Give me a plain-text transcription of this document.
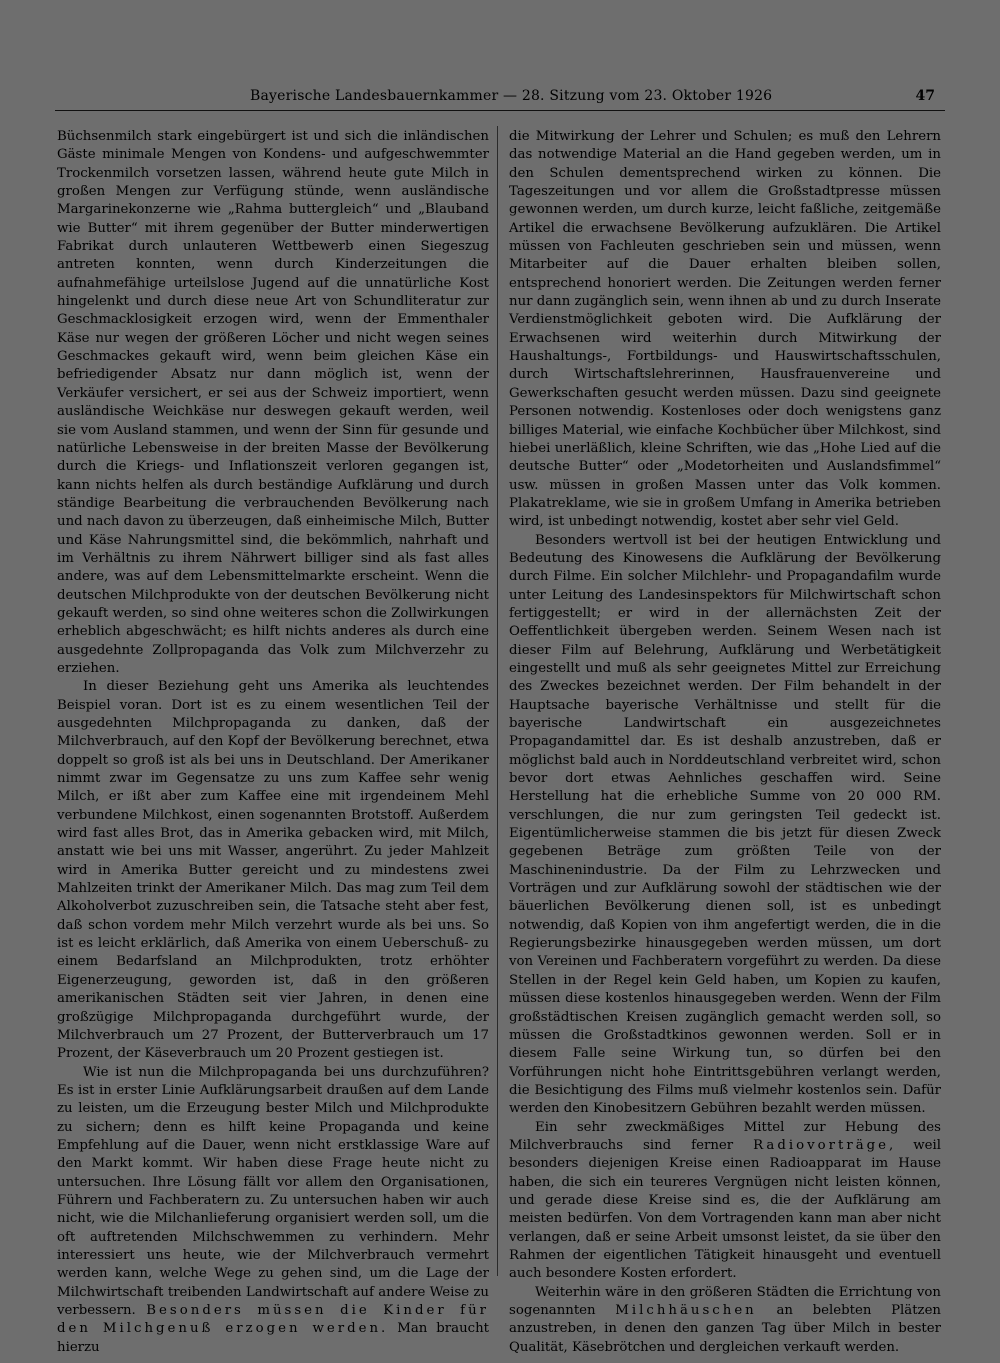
Bayerische Landesbauernkammer — 28. Sitzung vom 23. Oktober 1926	47

Büchsenmilch stark eingebürgert ist und sich die inländischen Gäste minimale Mengen von Kondens- und aufgeschwemmter Trockenmilch vorsetzen lassen, während heute gute Milch in großen Mengen zur Verfügung stünde, wenn ausländische Margarinekonzerne wie „Rahma buttergleich“ und „Blauband wie Butter“ mit ihrem gegenüber der Butter minderwertigen Fabrikat durch unlauteren Wettbewerb einen Siegeszug antreten konnten, wenn durch Kinderzeitungen die aufnahmefähige urteilslose Jugend auf die unnatürliche Kost hingelenkt und durch diese neue Art von Schundliteratur zur Geschmacklosigkeit erzogen wird, wenn der Emmenthaler Käse nur wegen der größeren Löcher und nicht wegen seines Geschmackes gekauft wird, wenn beim gleichen Käse ein befriedigender Absatz nur dann möglich ist, wenn der Verkäufer versichert, er sei aus der Schweiz importiert, wenn ausländische Weichkäse nur deswegen gekauft werden, weil sie vom Ausland stammen, und wenn der Sinn für gesunde und natürliche Lebensweise in der breiten Masse der Bevölkerung durch die Kriegs- und Inflationszeit verloren gegangen ist, kann nichts helfen als durch beständige Aufklärung und durch ständige Bearbeitung die verbrauchenden Bevölkerung nach und nach davon zu überzeugen, daß einheimische Milch, Butter und Käse Nahrungsmittel sind, die bekömmlich, nahrhaft und im Verhältnis zu ihrem Nährwert billiger sind als fast alles andere, was auf dem Lebensmittelmarkte erscheint. Wenn die deutschen Milchprodukte von der deutschen Bevölkerung nicht gekauft werden, so sind ohne weiteres schon die Zollwirkungen erheblich abgeschwächt; es hilft nichts anderes als durch eine ausgedehnte Zollpropaganda das Volk zum Milchverzehr zu erziehen.

In dieser Beziehung geht uns Amerika als leuchtendes Beispiel voran. Dort ist es zu einem wesentlichen Teil der ausgedehnten Milchpropaganda zu danken, daß der Milchverbrauch, auf den Kopf der Bevölkerung berechnet, etwa doppelt so groß ist als bei uns in Deutschland. Der Amerikaner nimmt zwar im Gegensatze zu uns zum Kaffee sehr wenig Milch, er ißt aber zum Kaffee eine mit irgendeinem Mehl verbundene Milchkost, einen sogenannten Brotstoff. Außerdem wird fast alles Brot, das in Amerika gebacken wird, mit Milch, anstatt wie bei uns mit Wasser, angerührt. Zu jeder Mahlzeit wird in Amerika Butter gereicht und zu mindestens zwei Mahlzeiten trinkt der Amerikaner Milch. Das mag zum Teil dem Alkoholverbot zuzuschreiben sein, die Tatsache steht aber fest, daß schon vordem mehr Milch verzehrt wurde als bei uns. So ist es leicht erklärlich, daß Amerika von einem Ueberschuß- zu einem Bedarfsland an Milchprodukten, trotz erhöhter Eigenerzeugung, geworden ist, daß in den größeren amerikanischen Städten seit vier Jahren, in denen eine großzügige Milchpropaganda durchgeführt wurde, der Milchverbrauch um 27 Prozent, der Butterverbrauch um 17 Prozent, der Käseverbrauch um 20 Prozent gestiegen ist.

Wie ist nun die Milchpropaganda bei uns durchzuführen? Es ist in erster Linie Aufklärungsarbeit draußen auf dem Lande zu leisten, um die Erzeugung bester Milch und Milchprodukte zu sichern; denn es hilft keine Propaganda und keine Empfehlung auf die Dauer, wenn nicht erstklassige Ware auf den Markt kommt. Wir haben diese Frage heute nicht zu untersuchen. Ihre Lösung fällt vor allem den Organisationen, Führern und Fachberatern zu. Zu untersuchen haben wir auch nicht, wie die Milchanlieferung organisiert werden soll, um die oft auftretenden Milchschwemmen zu verhindern. Mehr interessiert uns heute, wie der Milchverbrauch vermehrt werden kann, welche Wege zu gehen sind, um die Lage der Milchwirtschaft treibenden Landwirtschaft auf andere Weise zu verbessern. Besonders müssen die Kinder für den Milchgenuß erzogen werden. Man braucht hierzu

die Mitwirkung der Lehrer und Schulen; es muß den Lehrern das notwendige Material an die Hand gegeben werden, um in den Schulen dementsprechend wirken zu können. Die Tageszeitungen und vor allem die Großstadtpresse müssen gewonnen werden, um durch kurze, leicht faßliche, zeitgemäße Artikel die erwachsene Bevölkerung aufzuklären. Die Artikel müssen von Fachleuten geschrieben sein und müssen, wenn Mitarbeiter auf die Dauer erhalten bleiben sollen, entsprechend honoriert werden. Die Zeitungen werden ferner nur dann zugänglich sein, wenn ihnen ab und zu durch Inserate Verdienstmöglichkeit geboten wird. Die Aufklärung der Erwachsenen wird weiterhin durch Mitwirkung der Haushaltungs-, Fortbildungs- und Hauswirtschaftsschulen, durch Wirtschaftslehrerinnen, Hausfrauenvereine und Gewerkschaften gesucht werden müssen. Dazu sind geeignete Personen notwendig. Kostenloses oder doch wenigstens ganz billiges Material, wie einfache Kochbücher über Milchkost, sind hiebei unerläßlich, kleine Schriften, wie das „Hohe Lied auf die deutsche Butter“ oder „Modetorheiten und Auslandsfimmel“ usw. müssen in großen Massen unter das Volk kommen. Plakatreklame, wie sie in großem Umfang in Amerika betrieben wird, ist unbedingt notwendig, kostet aber sehr viel Geld.

Besonders wertvoll ist bei der heutigen Entwicklung und Bedeutung des Kinowesens die Aufklärung der Bevölkerung durch Filme. Ein solcher Milchlehr- und Propagandafilm wurde unter Leitung des Landesinspektors für Milchwirtschaft schon fertiggestellt; er wird in der allernächsten Zeit der Oeffentlichkeit übergeben werden. Seinem Wesen nach ist dieser Film auf Belehrung, Aufklärung und Werbetätigkeit eingestellt und muß als sehr geeignetes Mittel zur Erreichung des Zweckes bezeichnet werden. Der Film behandelt in der Hauptsache bayerische Verhältnisse und stellt für die bayerische Landwirtschaft ein ausgezeichnetes Propagandamittel dar. Es ist deshalb anzustreben, daß er möglichst bald auch in Norddeutschland verbreitet wird, schon bevor dort etwas Aehnliches geschaffen wird. Seine Herstellung hat die erhebliche Summe von 20 000 RM. verschlungen, die nur zum geringsten Teil gedeckt ist. Eigentümlicherweise stammen die bis jetzt für diesen Zweck gegebenen Beträge zum größten Teile von der Maschinenindustrie. Da der Film zu Lehrzwecken und Vorträgen und zur Aufklärung sowohl der städtischen wie der bäuerlichen Bevölkerung dienen soll, ist es unbedingt notwendig, daß Kopien von ihm angefertigt werden, die in die Regierungsbezirke hinausgegeben werden müssen, um dort von Vereinen und Fachberatern vorgeführt zu werden. Da diese Stellen in der Regel kein Geld haben, um Kopien zu kaufen, müssen diese kostenlos hinausgegeben werden. Wenn der Film großstädtischen Kreisen zugänglich gemacht werden soll, so müssen die Großstadtkinos gewonnen werden. Soll er in diesem Falle seine Wirkung tun, so dürfen bei den Vorführungen nicht hohe Eintrittsgebühren verlangt werden, die Besichtigung des Films muß vielmehr kostenlos sein. Dafür werden den Kinobesitzern Gebühren bezahlt werden müssen.

Ein sehr zweckmäßiges Mittel zur Hebung des Milchverbrauchs sind ferner Radiovorträge, weil besonders diejenigen Kreise einen Radioapparat im Hause haben, die sich ein teureres Vergnügen nicht leisten können, und gerade diese Kreise sind es, die der Aufklärung am meisten bedürfen. Von dem Vortragenden kann man aber nicht verlangen, daß er seine Arbeit umsonst leistet, da sie über den Rahmen der eigentlichen Tätigkeit hinausgeht und eventuell auch besondere Kosten erfordert.

Weiterhin wäre in den größeren Städten die Errichtung von sogenannten Milchhäuschen an belebten Plätzen anzustreben, in denen den ganzen Tag über Milch in bester Qualität, Käsebrötchen und dergleichen verkauft werden.
